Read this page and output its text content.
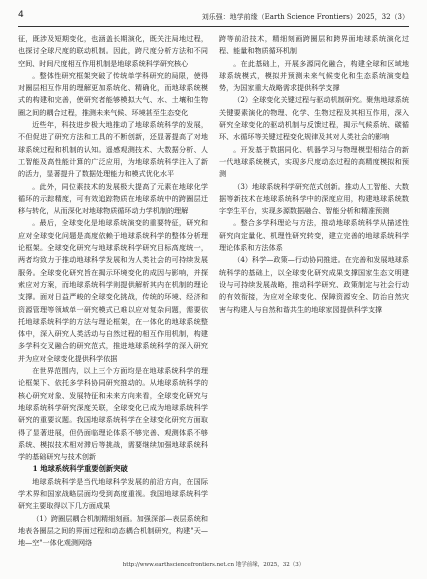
4	刘乐强：地学前缘（Earth Science Frontiers）2025，32（3）

征，既涉及短期变化，也涵盖长期演化，既关注局地过程，也探讨全球尺度的联动机制。因此，跨尺度分析方法和不同空间、时间尺度相互作用机制是地球系统科学研究核心

。整体性研究框架突破了传统单学科研究的局限，使得对圈层相互作用的理解更加系统化、精确化，而地球系统模式的构建和完善，使研究者能够模拟大气、水、土壤和生物圈之间的耦合过程，推测未来气候、环境甚至生态变化

近些年，科技进步极大地推动了地球系统科学的发展，不但促进了研究方法和工具的不断创新，还显著提高了对地球系统过程和机制的认知。遥感观测技术、大数据分析、人工智能及高性能计算的广泛应用，为地球系统科学注入了新的活力，显著提升了数据处理能力和模式优化水平

。此外，同位素技术的发展极大提高了元素在地球化学循环的示踪精度，可有效追踪物质在地球系统中的跨圈层迁移与转化，从而深化对地球物质循环动力学机制的理解

。最后，全球变化是地球系统演变的重要特征，研究和应对全球变化问题是高度依赖于地球系统科学的整体分析理论框架。全球变化研究与地球系统科学研究目标高度统一，两者均致力于推动地球科学发展和为人类社会的可持续发展服务。全球变化研究旨在揭示环境变化的成因与影响，并探索应对方案，而地球系统科学则提供解析其内在机制的理论支撑。面对日益严峻的全球变化挑战，传统的环境、经济和资源管理等领域单一研究模式已难以应对复杂问题，需要依托地球系统科学的方法与理论框架，在一体化的地球系统整体中，深入研究人类活动与自然过程的相互作用机制，构建多学科交叉融合的研究范式，推进地球系统科学的深入研究并为应对全球变化提供科学依据

在世界范围内，以上三个方面均是在地球系统科学的理论框架下、依托多学科协同研究推动的。从地球系统科学的核心研究对象、发展特征和未来方向来看，全球变化研究与地球系统科学研究深度关联，全球变化已成为地球系统科学研究的重要议题。我国地球系统科学在全球变化研究方面取得了显著进展，但仍面临理论体系不够完善、观测体系不够系统、模拟技术相对滞后等挑战，需要继续加强地球系统科学的基础研究与技术创新

1 地球系统科学重要创新突破

地球系统科学是当代地球科学发展的前沿方向，在国际学术界和国家战略层面均受到高度重视。我国地球系统科学研究主要取得以下几方面成果

（1）跨圈层耦合机制精细刻画。加强深部—表层系统和地表各圈层之间的界面过程和动态耦合机制研究，构建"天—地—空"一体化观测网络

跨等前沿技术，精细刻画跨圈层和跨界面地球系统演化过程、能量和物质循环机制

。在此基础上，开展多源同化融合，构建全球和区域地球系统模式，模拟并预测未来气候变化和生态系统演变趋势，为国家重大战略需求提供科学支撑

（2）全球变化关键过程与驱动机制研究。聚焦地球系统关键要素演化的物理、化学、生物过程及其相互作用，深入研究全球变化的驱动机制与反馈过程，揭示气候系统、碳循环、水循环等关键过程变化规律及其对人类社会的影响

。开发基于数据同化、机器学习与物理模型相结合的新一代地球系统模式，实现多尺度动态过程的高精度模拟和预测

（3）地球系统科学研究范式创新。推动人工智能、大数据等新技术在地球系统科学中的深度应用，构建地球系统数字孪生平台，实现多源数据融合、智能分析和精准预测

。整合多学科理论与方法，推动地球系统科学从描述性研究向定量化、机理性研究转变，建立完善的地球系统科学理论体系和方法体系

（4）科学—政策—行动协同推进。在完善和发展地球系统科学的基础上，以全球变化研究成果支撑国家生态文明建设与可持续发展战略，推动科学研究、政策制定与社会行动的有效衔接，为应对全球变化、保障资源安全、防治自然灾害与构建人与自然和谐共生的地球家园提供科学支撑

http://www.earthsciencefrontiers.net.cn 地学前缘，2025，32（3）
